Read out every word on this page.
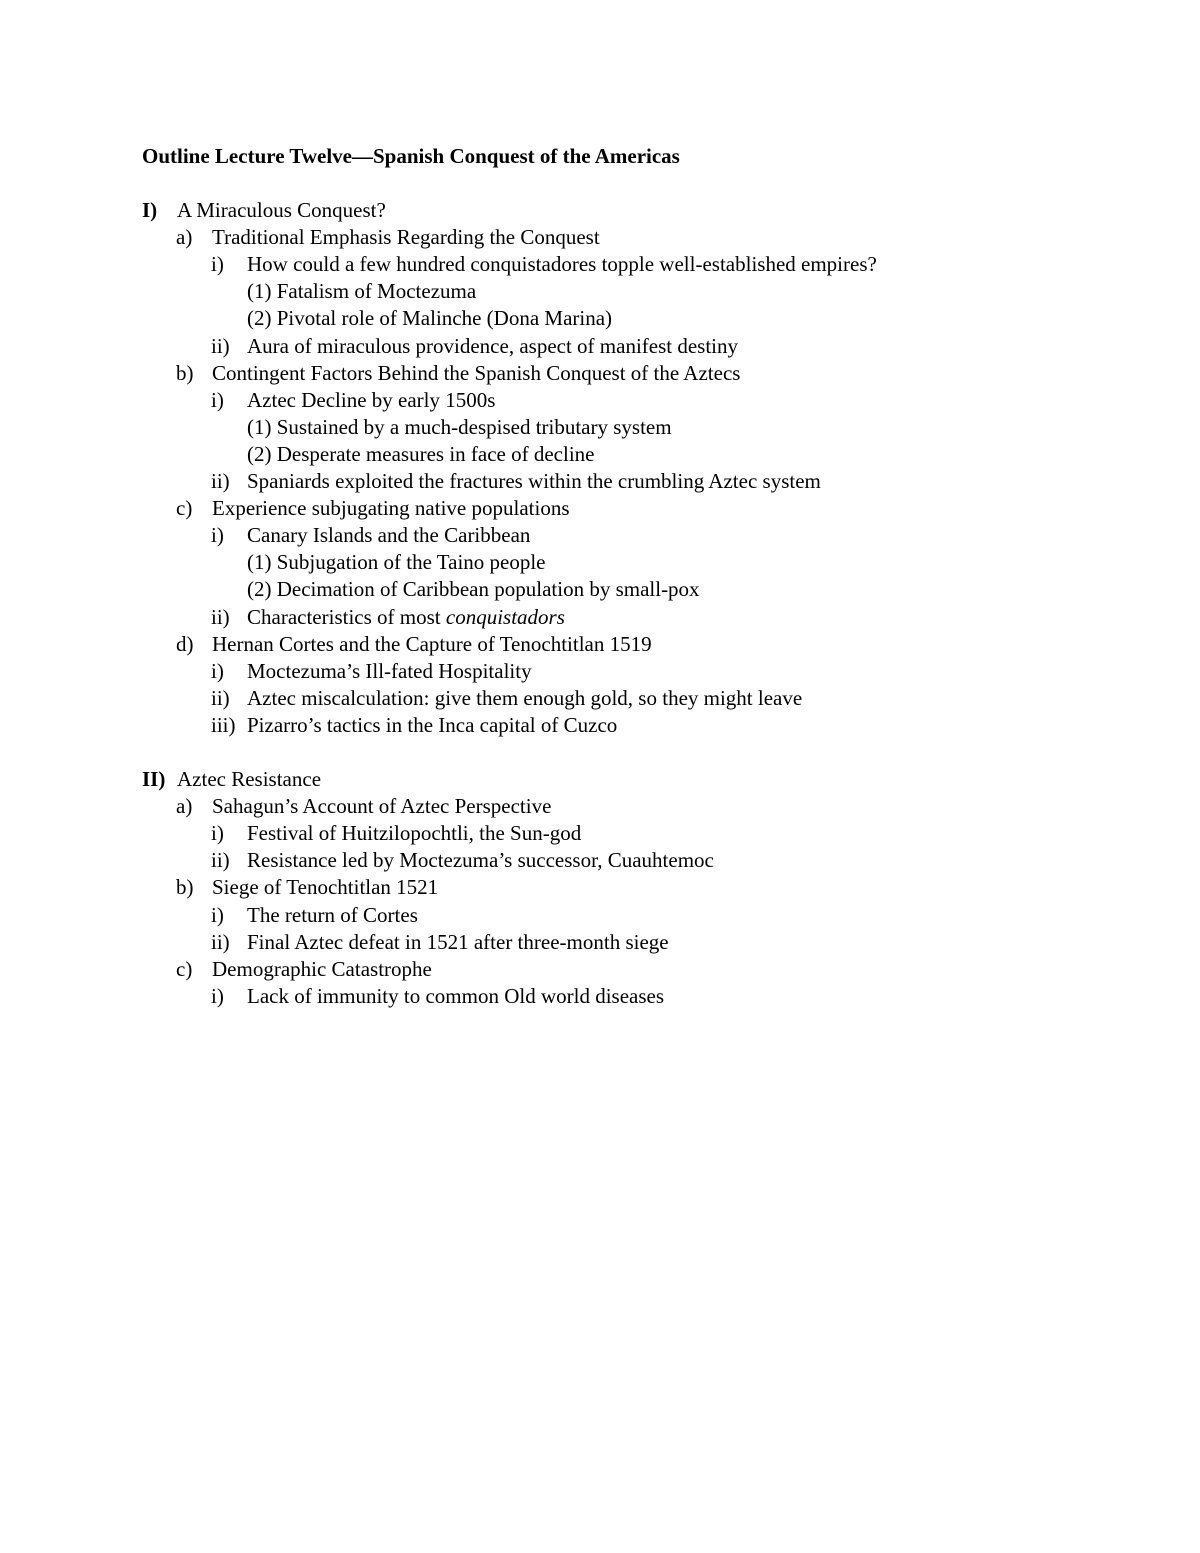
Outline Lecture Twelve—Spanish Conquest of the Americas
I) A Miraculous Conquest?
a) Traditional Emphasis Regarding the Conquest
i) How could a few hundred conquistadores topple well-established empires?
(1) Fatalism of Moctezuma
(2) Pivotal role of Malinche (Dona Marina)
ii) Aura of miraculous providence, aspect of manifest destiny
b) Contingent Factors Behind the Spanish Conquest of the Aztecs
i) Aztec Decline by early 1500s
(1) Sustained by a much-despised tributary system
(2) Desperate measures in face of decline
ii) Spaniards exploited the fractures within the crumbling Aztec system
c) Experience subjugating native populations
i) Canary Islands and the Caribbean
(1) Subjugation of the Taino people
(2) Decimation of Caribbean population by small-pox
ii) Characteristics of most conquistadors
d) Hernan Cortes and the Capture of Tenochtitlan 1519
i) Moctezuma’s Ill-fated Hospitality
ii) Aztec miscalculation: give them enough gold, so they might leave
iii) Pizarro’s tactics in the Inca capital of Cuzco
II) Aztec Resistance
a) Sahagun’s Account of Aztec Perspective
i) Festival of Huitzilopochtli, the Sun-god
ii) Resistance led by Moctezuma’s successor, Cuauhtemoc
b) Siege of Tenochtitlan 1521
i) The return of Cortes
ii) Final Aztec defeat in 1521 after three-month siege
c) Demographic Catastrophe
i) Lack of immunity to common Old world diseases
